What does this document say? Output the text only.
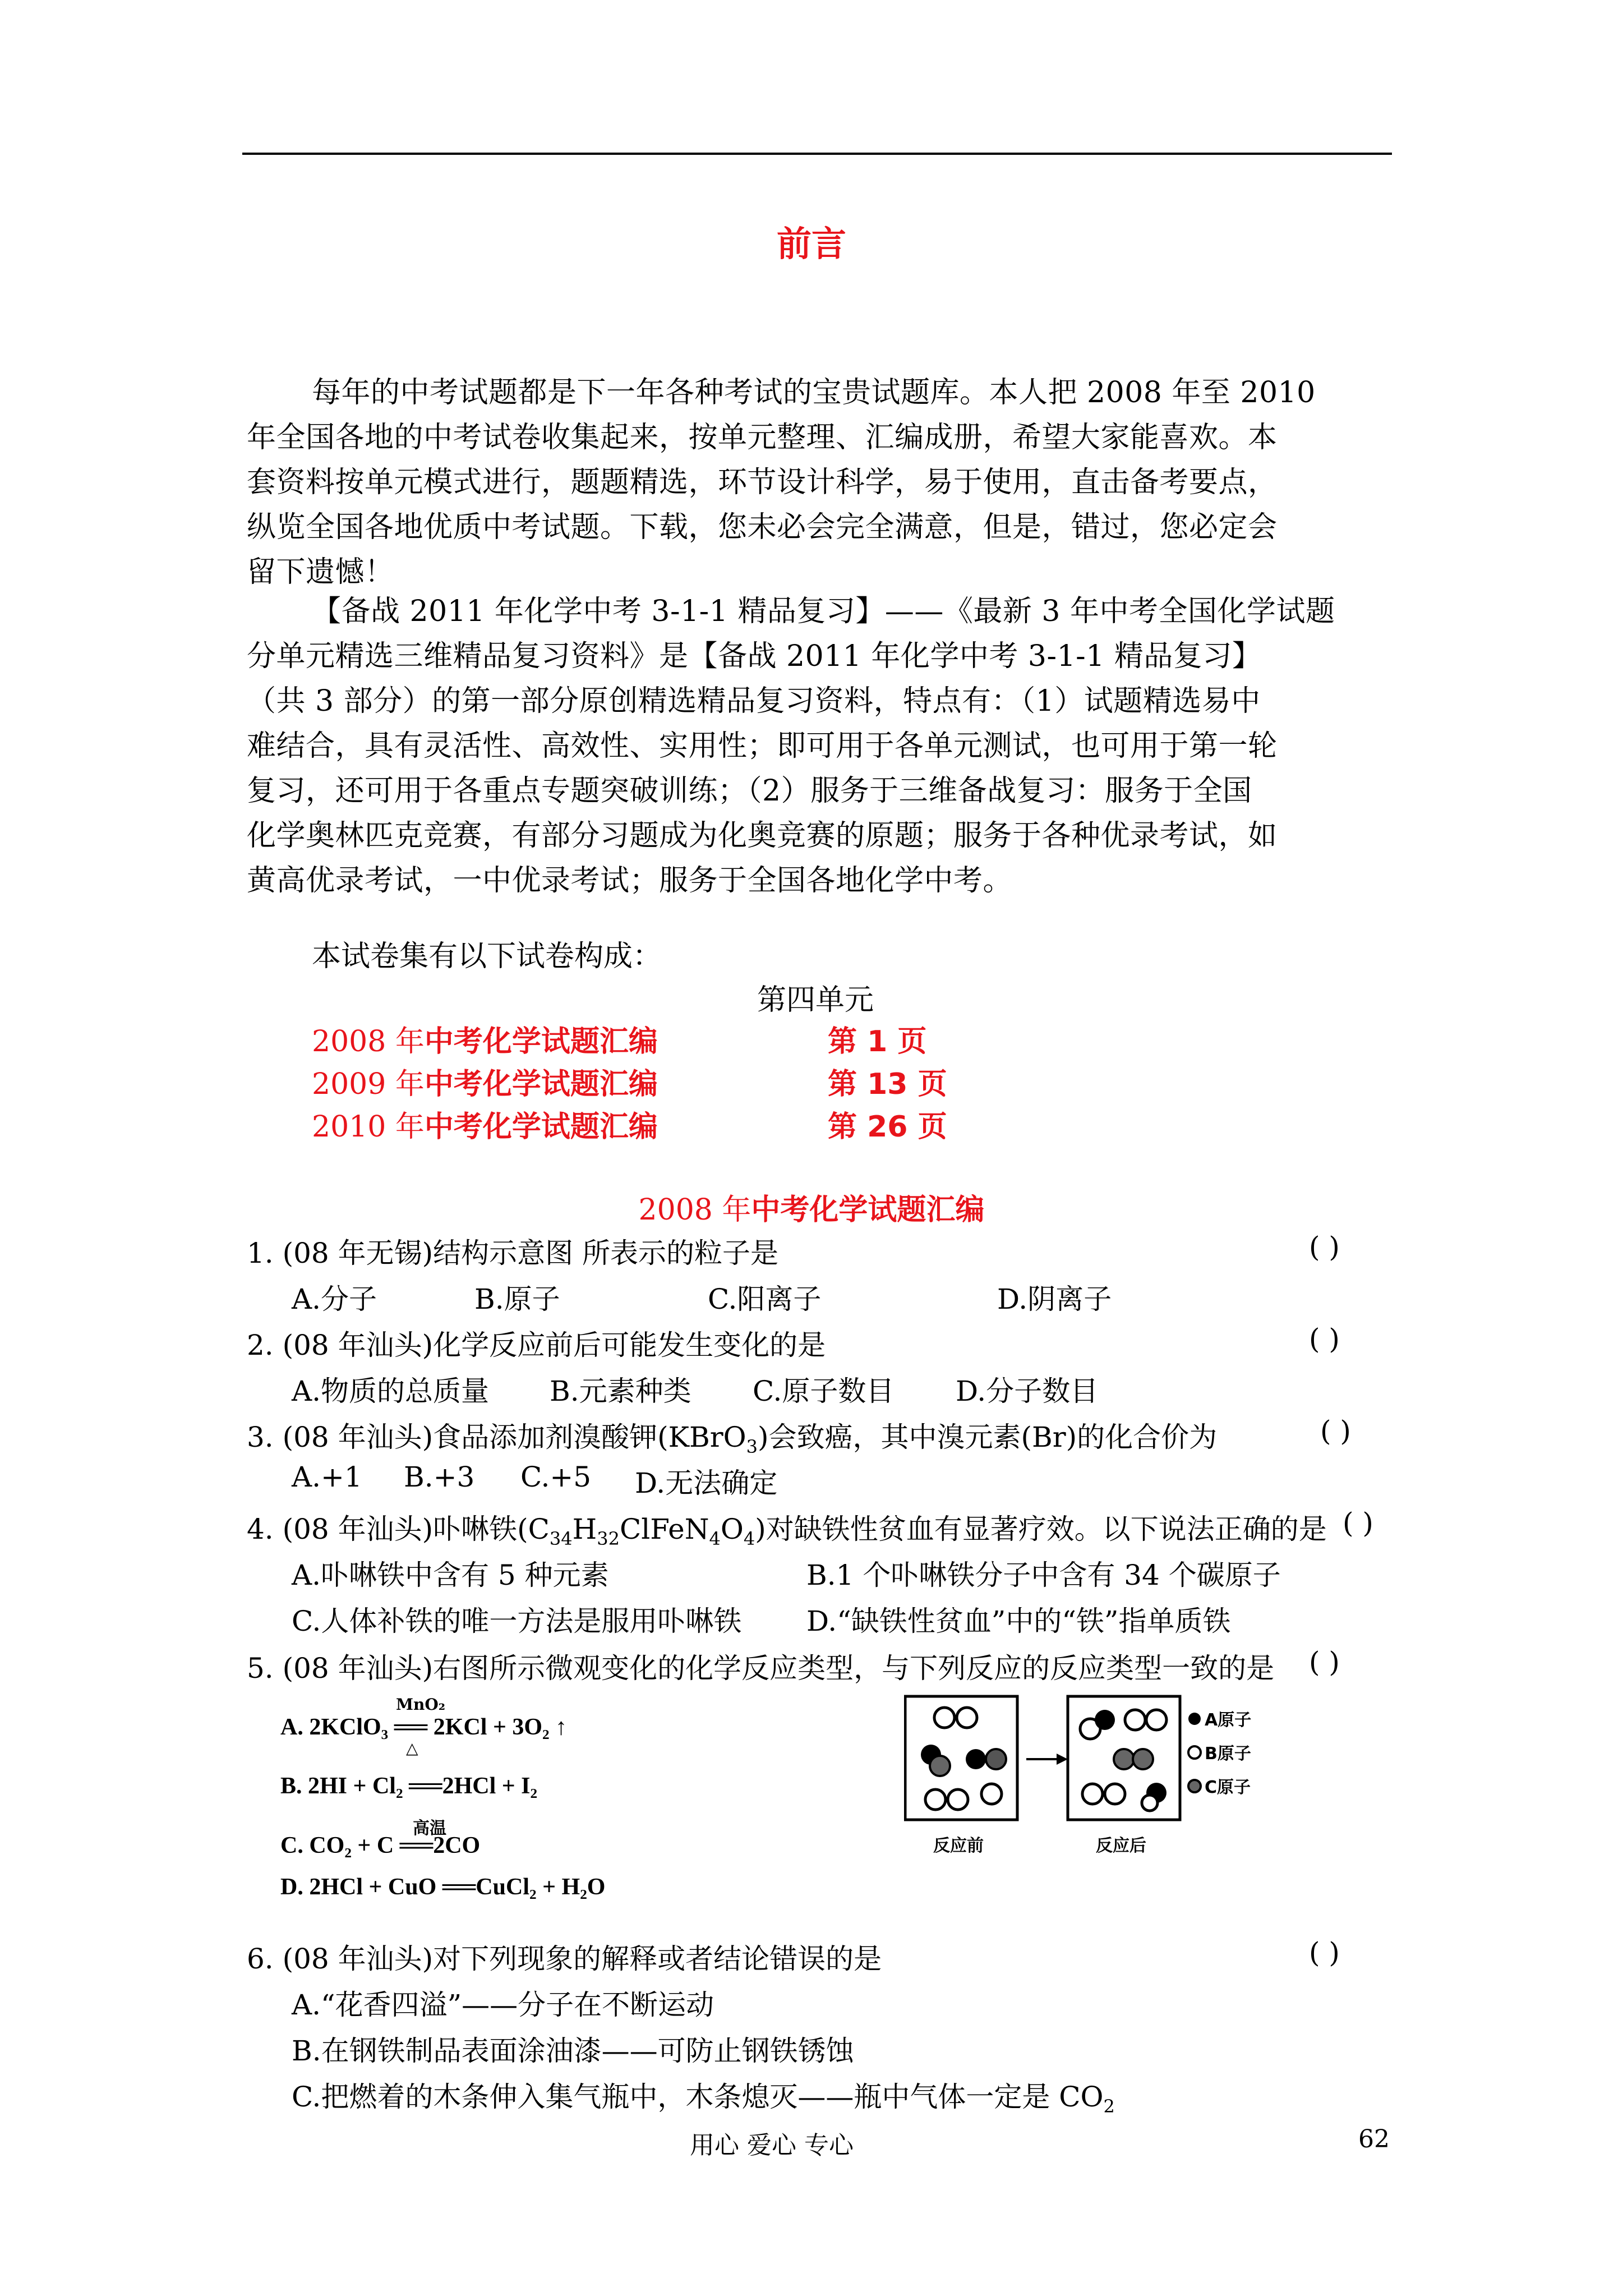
前言
每年的中考试题都是下一年各种考试的宝贵试题库。本人把 2008 年至 2010
年全国各地的中考试卷收集起来，按单元整理、汇编成册，希望大家能喜欢。本
套资料按单元模式进行，题题精选，环节设计科学，易于使用，直击备考要点，
纵览全国各地优质中考试题。下载，您未必会完全满意，但是，错过，您必定会
留下遗憾！
【备战 2011 年化学中考 3-1-1 精品复习】——《最新 3 年中考全国化学试题
分单元精选三维精品复习资料》是【备战 2011 年化学中考 3-1-1 精品复习】
（共 3 部分）的第一部分原创精选精品复习资料，特点有：（1）试题精选易中
难结合，具有灵活性、高效性、实用性；即可用于各单元测试，也可用于第一轮
复习，还可用于各重点专题突破训练；（2）服务于三维备战复习：服务于全国
化学奥林匹克竞赛，有部分习题成为化奥竞赛的原题；服务于各种优录考试，如
黄高优录考试，一中优录考试；服务于全国各地化学中考。
本试卷集有以下试卷构成：
第四单元
2008 年中考化学试题汇编	第 1 页
2009 年中考化学试题汇编	第 13 页
2010 年中考化学试题汇编	第 26 页
2008 年中考化学试题汇编
1. (08 年无锡)结构示意图 所表示的粒子是	( )
A.分子	B.原子	C.阳离子	D.阴离子
2. (08 年汕头)化学反应前后可能发生变化的是	( )
A.物质的总质量 B.元素种类 C.原子数目 D.分子数目
3. (08 年汕头)食品添加剂溴酸钾(KBrO$_3$)会致癌，其中溴元素(Br)的化合价为	( )
A.+1 B.+3 C.+5 D.无法确定
4. (08 年汕头)卟啉铁$(C_{34}H_{32}ClFeN_4O_4)$对缺铁性贫血有显著疗效。以下说法正确的是 ( )
A.卟啉铁中含有 5 种元素	B.1 个卟啉铁分子中含有 34 个碳原子
C.人体补铁的唯一方法是服用卟啉铁 D.“缺铁性贫血”中的“铁”指单质铁
5. (08 年汕头)右图所示微观变化的化学反应类型，与下列反应的反应类型一致的是 ( )
A. 2KClO₃ ══ 2KCl + 3O₂ ↑
MnO₂
△
B. 2HI + Cl₂ ══2HCl + I₂
高温
C. CO₂ + C ══2CO
D. 2HCl + CuO ══CuCl₂ + H₂O
A原子
B原子
C原子
反应前	反应后
6. (08 年汕头)对下列现象的解释或者结论错误的是	( )
A.“花香四溢”——分子在不断运动
B.在钢铁制品表面涂油漆——可防止钢铁锈蚀
C.把燃着的木条伸入集气瓶中，木条熄灭——瓶中气体一定是 $CO_2$
用心 爱心 专心	62
